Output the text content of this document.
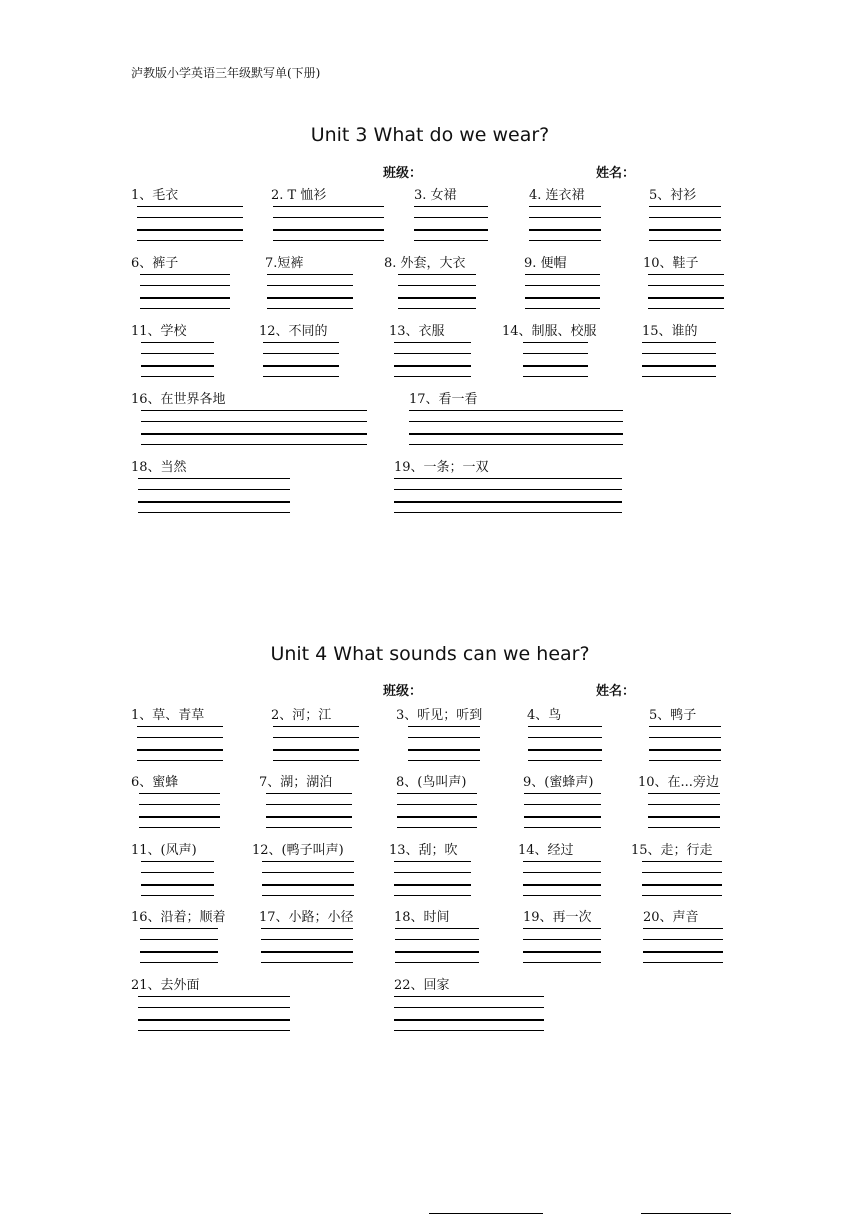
泸教版小学英语三年级默写单(下册)
Unit 3 What do we wear?
班级：	姓名：
1、毛衣	2. T 恤衫	3. 女裙	4. 连衣裙	5、衬衫
6、裤子	7.短裤	8. 外套，大衣	9. 便帽	10、鞋子
11、学校	12、不同的	13、衣服	14、制服、校服	15、谁的
16、在世界各地	17、看一看
18、当然	19、一条；一双
Unit 4 What sounds can we hear?
班级：	姓名：
1、草、青草	2、河；江	3、听见；听到	4、鸟	5、鸭子
6、蜜蜂	7、湖；湖泊	8、(鸟叫声)	9、(蜜蜂声)	10、在...旁边
11、(风声)	12、(鸭子叫声)	13、刮；吹	14、经过	15、走；行走
16、沿着；顺着	17、小路；小径	18、时间	19、再一次	20、声音
21、去外面	22、回家
